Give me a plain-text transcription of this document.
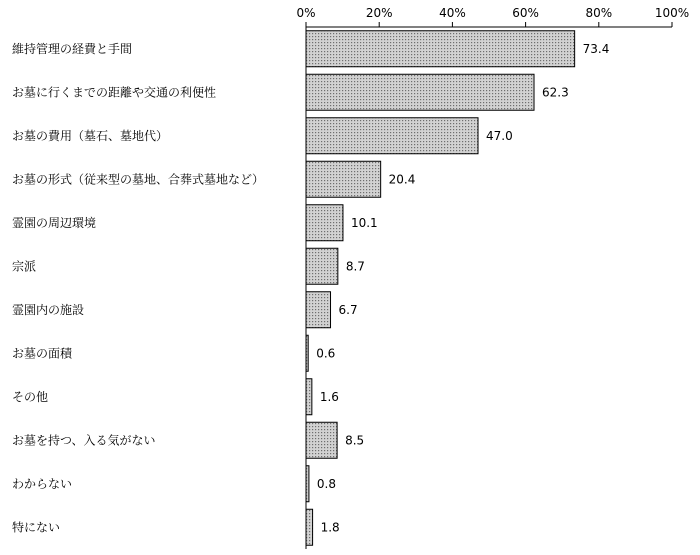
0%	20%	40%	60%	80%	100%
73.4
62.3
47.0
20.4
10.1
8.7
6.7
0.6
1.6
8.5
0.8
1.8
維持管理の経費と手間
お墓に行くまでの距離や交通の利便性
お墓の費用（墓石、墓地代）
お墓の形式（従来型の墓地、合葬式墓地など）
霊園の周辺環境
宗派
霊園内の施設
お墓の面積
その他
お墓を持つ、入る気がない
わからない
特にない
